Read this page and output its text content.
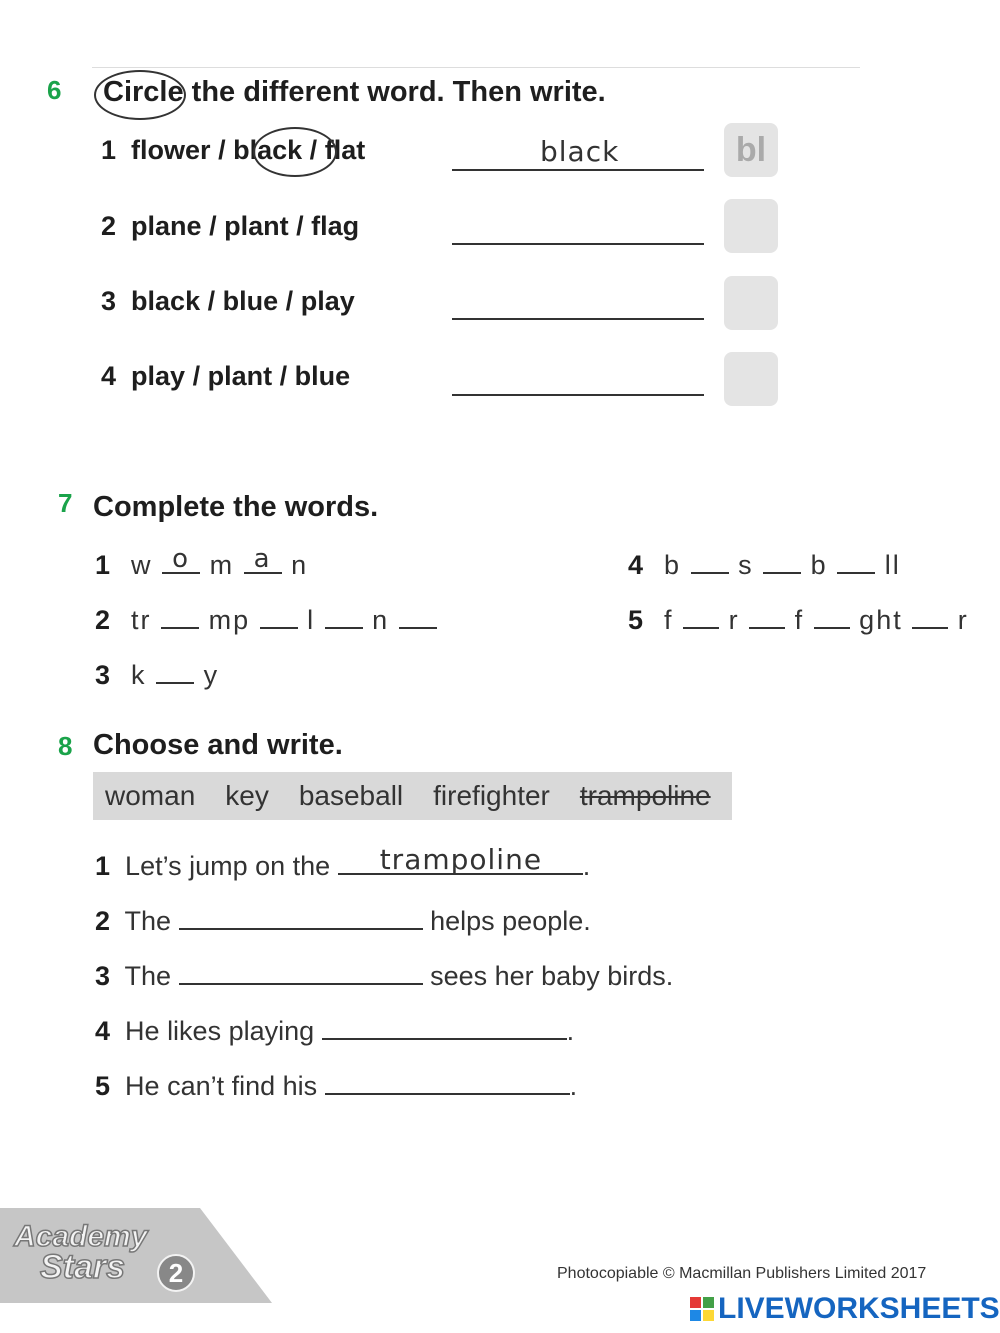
6 Circle the different word. Then write.
1 flower / black / flat	black	bl
2 plane / plant / flag
3 black / blue / play
4 play / plant / blue
7 Complete the words.
1 w o m a n
2 tr mp l n
3 k y
4 b s b ll
5 f r f ght r
8 Choose and write.
woman key baseball firefighter trampoline
1 Let’s jump on the trampoline .
2 The	helps people.
3 The	sees her baby birds.
4 He likes playing	.
5 He can’t find his	.
Academy
Stars	2	Photocopiable © Macmillan Publishers Limited 2017
LIVEWORKSHEETS
